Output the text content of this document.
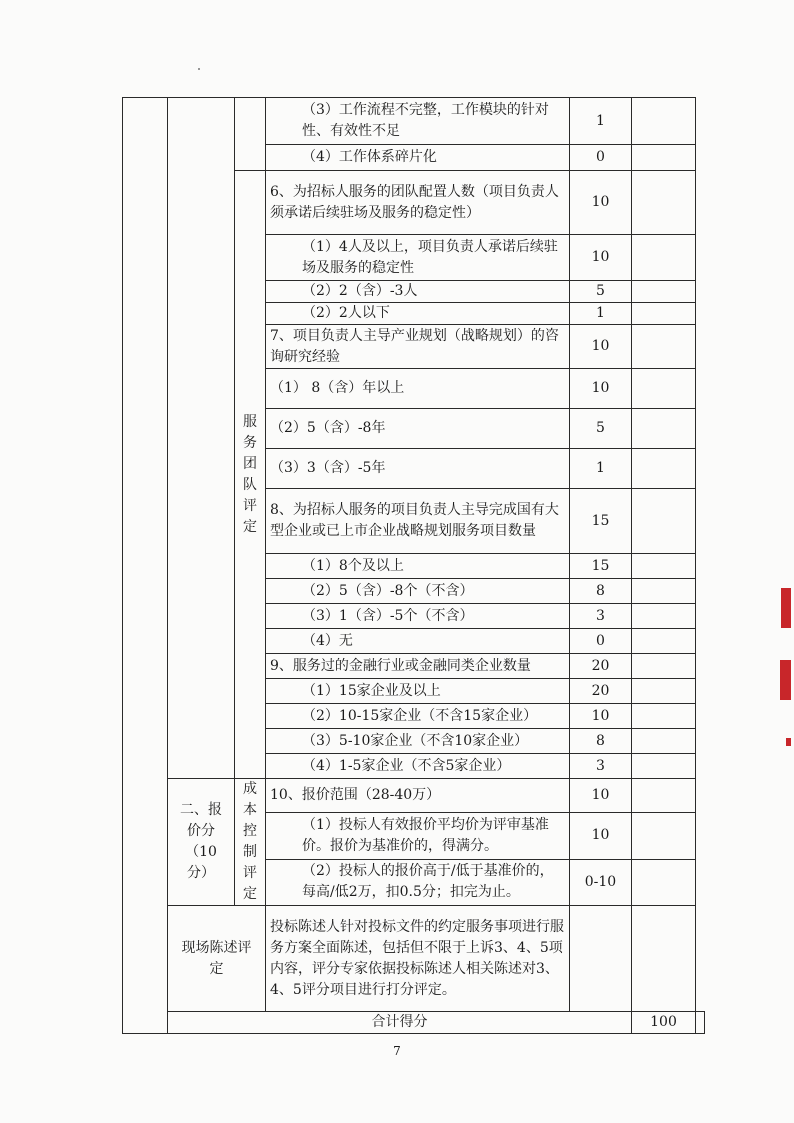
			（3）工作流程不完整，工作模块的针对性、有效性不足	1		
			（4）工作体系碎片化	0		
		服务团队评定	6、为招标人服务的团队配置人数（项目负责人须承诺后续驻场及服务的稳定性）	10		
			（1）4人及以上，项目负责人承诺后续驻场及服务的稳定性	10		
			（2）2（含）-3人	5		
			（2）2人以下	1		
			7、项目负责人主导产业规划（战略规划）的咨询研究经验	10		
			（1） 8（含）年以上	10		
			（2）5（含）-8年	5		
			（3）3（含）-5年	1		
			8、为招标人服务的项目负责人主导完成国有大型企业或已上市企业战略规划服务项目数量	15		
			（1）8个及以上	15		
			（2）5（含）-8个（不含）	8		
			（3）1（含）-5个（不含）	3		
			（4）无	0		
			9、服务过的金融行业或金融同类企业数量	20		
			（1）15家企业及以上	20		
			（2）10-15家企业（不含15家企业）	10		
			（3）5-10家企业（不含10家企业）	8		
			（4）1-5家企业（不含5家企业）	3		
	二、报价分（10分）	成本控制评定	10、报价范围（28-40万）	10		
			（1）投标人有效报价平均价为评审基准价。报价为基准价的，得满分。	10		
			（2）投标人的报价高于/低于基准价的，每高/低2万，扣0.5分；扣完为止。	0-10		
	现场陈述评定		投标陈述人针对投标文件的约定服务事项进行服务方案全面陈述，包括但不限于上诉3、4、5项内容，评分专家依据投标陈述人相关陈述对3、4、5评分项目进行打分评定。			
	合计得分				100	
7
